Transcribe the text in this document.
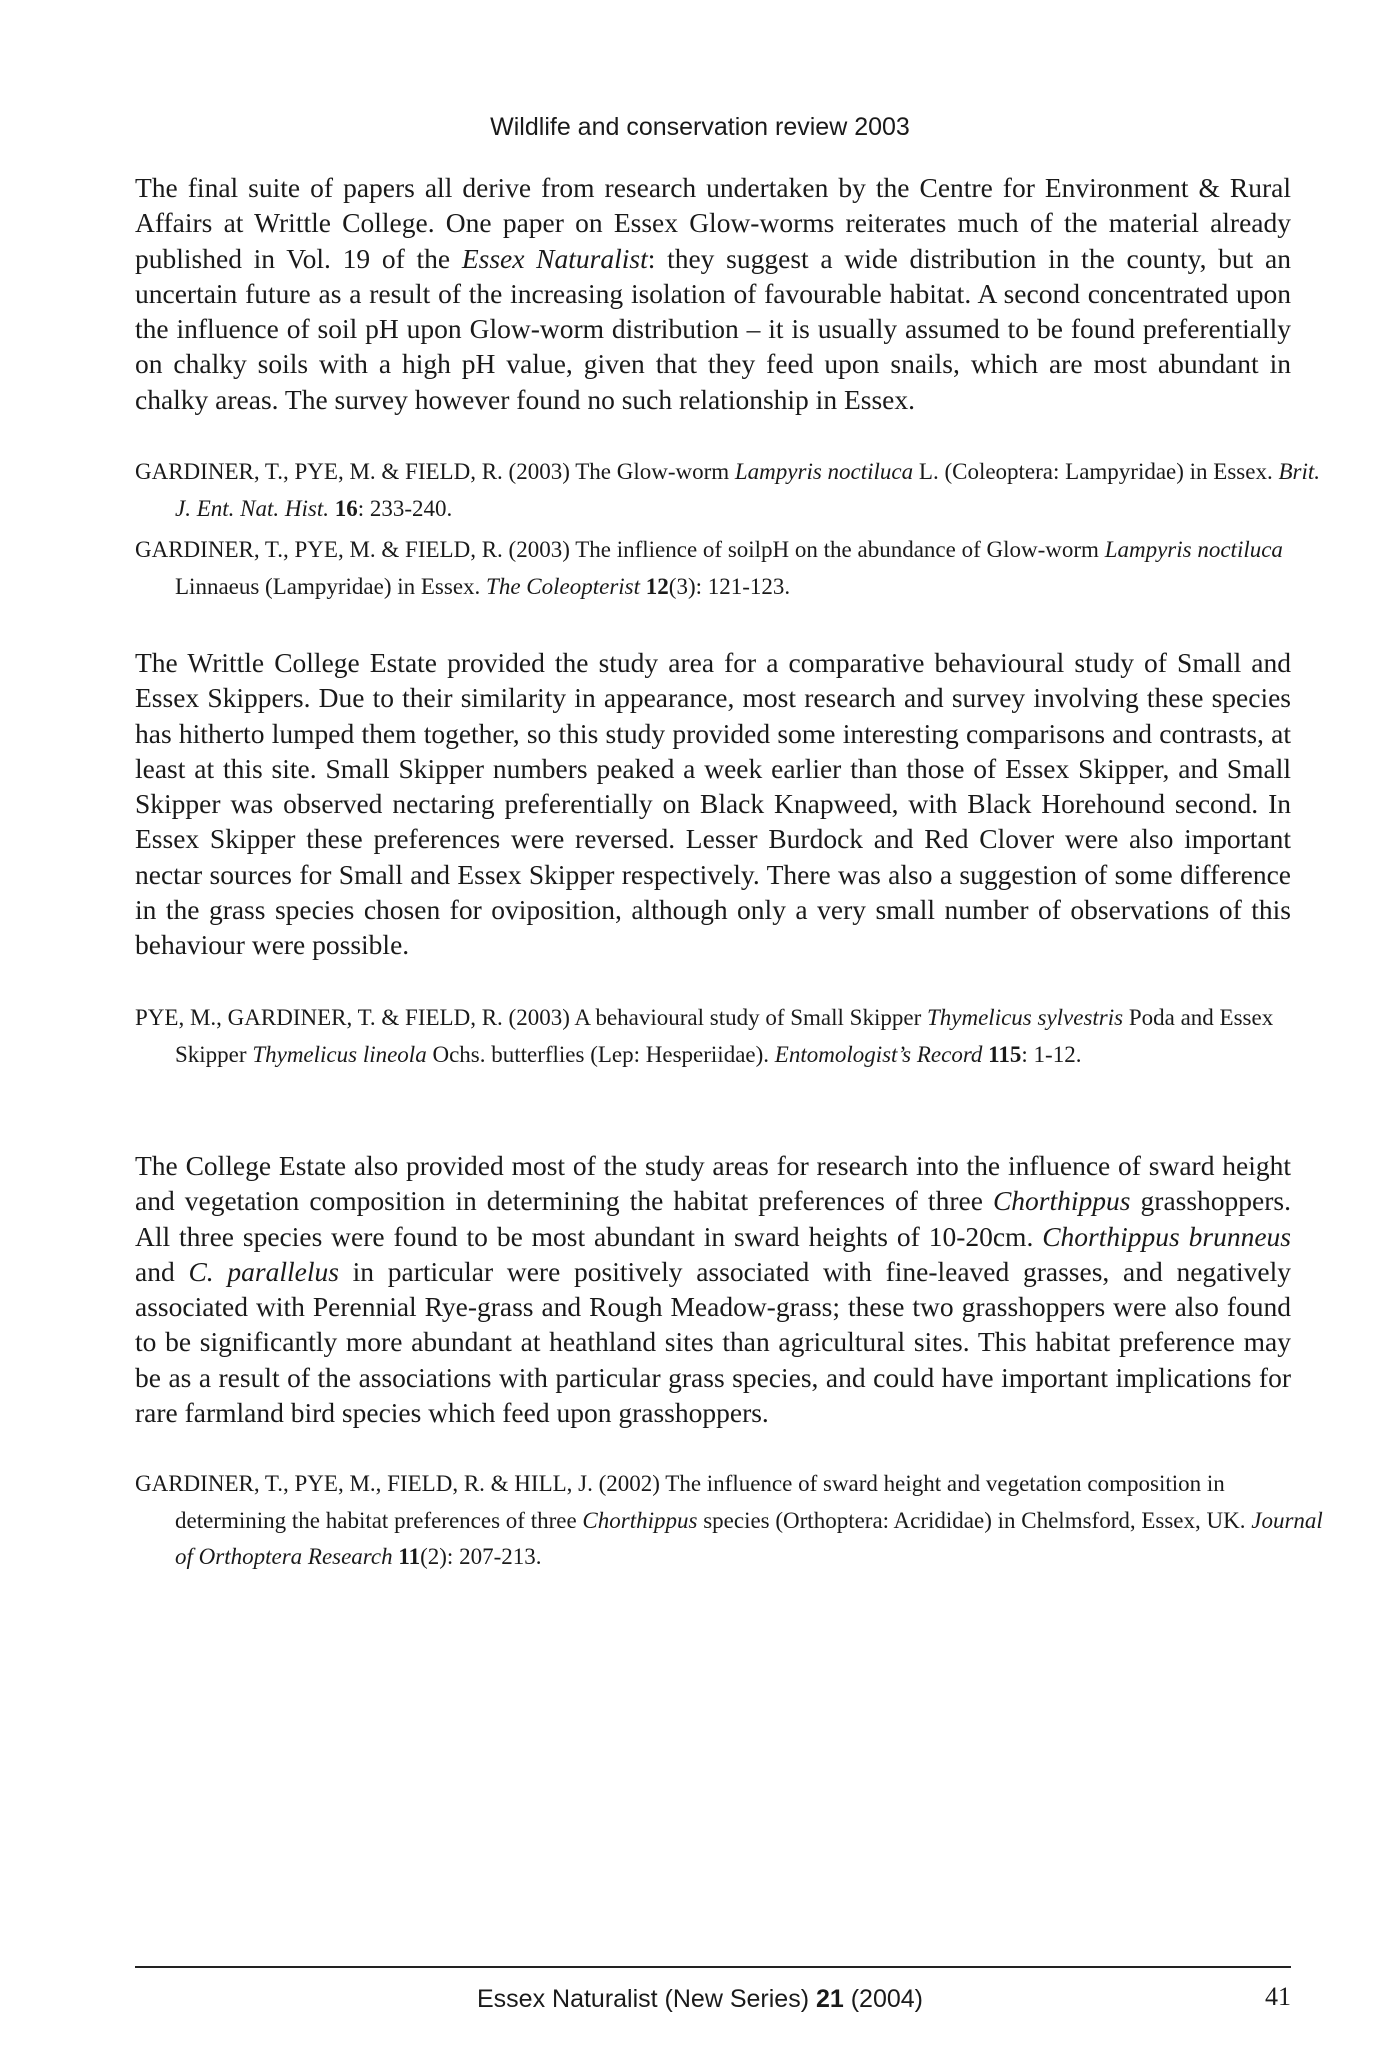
Wildlife and conservation review 2003

The final suite of papers all derive from research undertaken by the Centre for Environment & Rural Affairs at Writtle College. One paper on Essex Glow-worms reiterates much of the material already published in Vol. 19 of the Essex Naturalist: they suggest a wide distribution in the county, but an uncertain future as a result of the increasing isolation of favourable habitat. A second concentrated upon the influence of soil pH upon Glow-worm distribution – it is usually assumed to be found preferentially on chalky soils with a high pH value, given that they feed upon snails, which are most abundant in chalky areas. The survey however found no such relationship in Essex.

GARDINER, T., PYE, M. & FIELD, R. (2003) The Glow-worm Lampyris noctiluca L. (Coleoptera: Lampyridae) in Essex. Brit. J. Ent. Nat. Hist. 16: 233-240.

GARDINER, T., PYE, M. & FIELD, R. (2003) The inflience of soilpH on the abundance of Glow-worm Lampyris noctiluca Linnaeus (Lampyridae) in Essex. The Coleopterist 12(3): 121-123.

The Writtle College Estate provided the study area for a comparative behavioural study of Small and Essex Skippers. Due to their similarity in appearance, most research and survey involving these species has hitherto lumped them together, so this study provided some interesting comparisons and contrasts, at least at this site. Small Skipper numbers peaked a week earlier than those of Essex Skipper, and Small Skipper was observed nectaring preferentially on Black Knapweed, with Black Horehound second. In Essex Skipper these preferences were reversed. Lesser Burdock and Red Clover were also important nectar sources for Small and Essex Skipper respectively. There was also a suggestion of some difference in the grass species chosen for oviposition, although only a very small number of observations of this behaviour were possible.

PYE, M., GARDINER, T. & FIELD, R. (2003) A behavioural study of Small Skipper Thymelicus sylvestris Poda and Essex Skipper Thymelicus lineola Ochs. butterflies (Lep: Hesperiidae). Entomologist’s Record 115: 1-12.

The College Estate also provided most of the study areas for research into the influence of sward height and vegetation composition in determining the habitat preferences of three Chorthippus grasshoppers. All three species were found to be most abundant in sward heights of 10-20cm. Chorthippus brunneus and C. parallelus in particular were positively associated with fine-leaved grasses, and negatively associated with Perennial Rye-grass and Rough Meadow-grass; these two grasshoppers were also found to be significantly more abundant at heathland sites than agricultural sites. This habitat preference may be as a result of the associations with particular grass species, and could have important implications for rare farmland bird species which feed upon grasshoppers.

GARDINER, T., PYE, M., FIELD, R. & HILL, J. (2002) The influence of sward height and vegetation composition in determining the habitat preferences of three Chorthippus species (Orthoptera: Acrididae) in Chelmsford, Essex, UK. Journal of Orthoptera Research 11(2): 207-213.

Essex Naturalist (New Series) 21 (2004)	41
